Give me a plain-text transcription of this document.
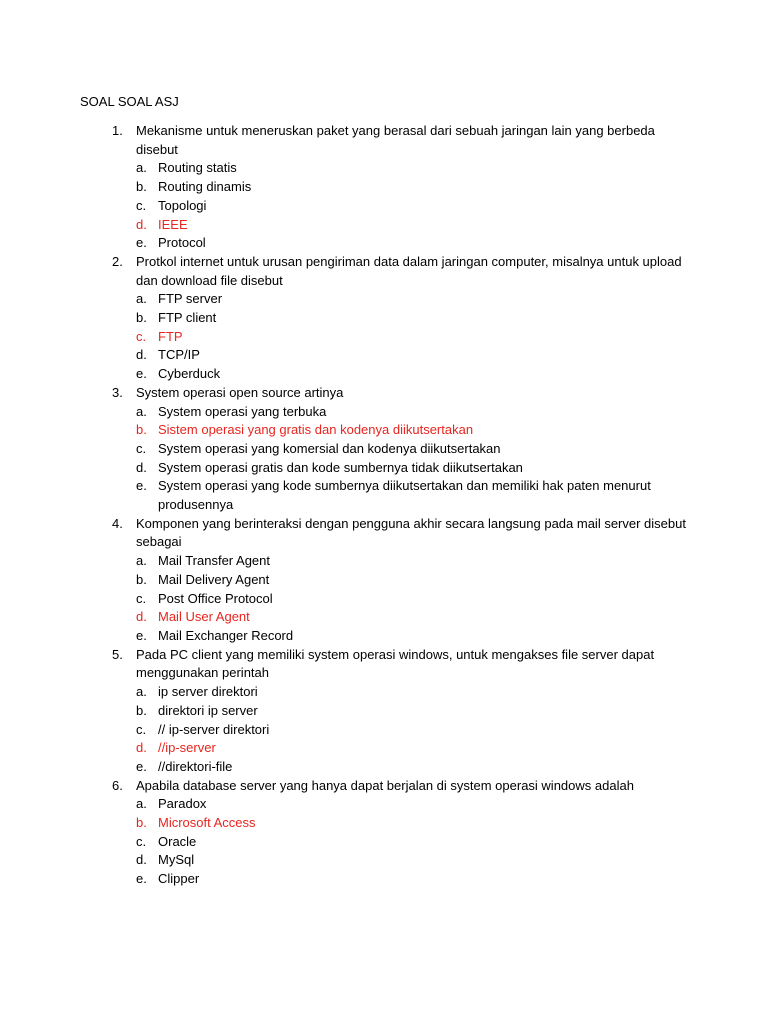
SOAL SOAL ASJ
1. Mekanisme untuk meneruskan paket yang berasal dari sebuah jaringan lain yang berbeda disebut
a. Routing statis
b. Routing dinamis
c. Topologi
d. IEEE
e. Protocol
2. Protkol internet untuk urusan pengiriman data dalam jaringan computer, misalnya untuk upload dan download file disebut
a. FTP server
b. FTP client
c. FTP
d. TCP/IP
e. Cyberduck
3. System operasi open source artinya
a. System operasi yang terbuka
b. Sistem operasi yang gratis dan kodenya diikutsertakan
c. System operasi yang komersial dan kodenya diikutsertakan
d. System operasi gratis dan kode sumbernya tidak diikutsertakan
e. System operasi yang kode sumbernya diikutsertakan dan memiliki hak paten menurut produsennya
4. Komponen yang berinteraksi dengan pengguna akhir secara langsung pada mail server disebut sebagai
a. Mail Transfer Agent
b. Mail Delivery Agent
c. Post Office Protocol
d. Mail User Agent
e. Mail Exchanger Record
5. Pada PC client yang memiliki system operasi windows, untuk mengakses file server dapat menggunakan perintah
a. ip server direktori
b. direktori ip server
c. // ip-server direktori
d. //ip-server
e. //direktori-file
6. Apabila database server yang hanya dapat berjalan di system operasi windows adalah
a. Paradox
b. Microsoft Access
c. Oracle
d. MySql
e. Clipper
